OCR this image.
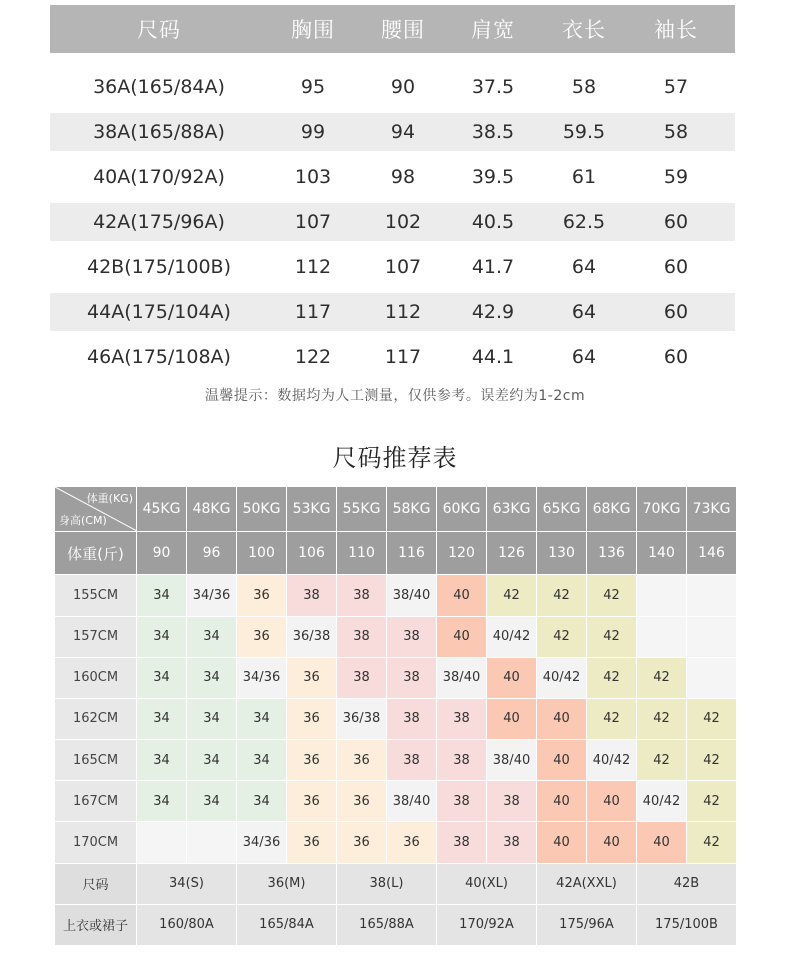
尺码	胸围	腰围	肩宽	衣长	袖长
36A(165/84A)	95	90	37.5	58	57
38A(165/88A)	99	94	38.5	59.5	58
40A(170/92A)	103	98	39.5	61	59
42A(175/96A)	107	102	40.5	62.5	60
42B(175/100B)	112	107	41.7	64	60
44A(175/104A)	117	112	42.9	64	60
46A(175/108A)	122	117	44.1	64	60
温馨提示：数据均为人工测量，仅供参考。误差约为1-2cm
尺码推荐表
体重(KG)
身高(CM)	45KG	48KG	50KG	53KG	55KG	58KG	60KG	63KG	65KG	68KG	70KG	73KG
体重(斤)	90	96	100	106	110	116	120	126	130	136	140	146
155CM	34	34/36	36	38	38	38/40	40	42	42	42		
157CM	34	34	36	36/38	38	38	40	40/42	42	42		
160CM	34	34	34/36	36	38	38	38/40	40	40/42	42	42	
162CM	34	34	34	36	36/38	38	38	40	40	42	42	42
165CM	34	34	34	36	36	38	38	38/40	40	40/42	42	42
167CM	34	34	34	36	36	38/40	38	38	40	40	40/42	42
170CM			34/36	36	36	36	38	38	40	40	40	42
尺码	34(S)		36(M)		38(L)		40(XL)		42A(XXL)		42B	
上衣或裙子	160/80A		165/84A		165/88A		170/92A		175/96A		175/100B	
